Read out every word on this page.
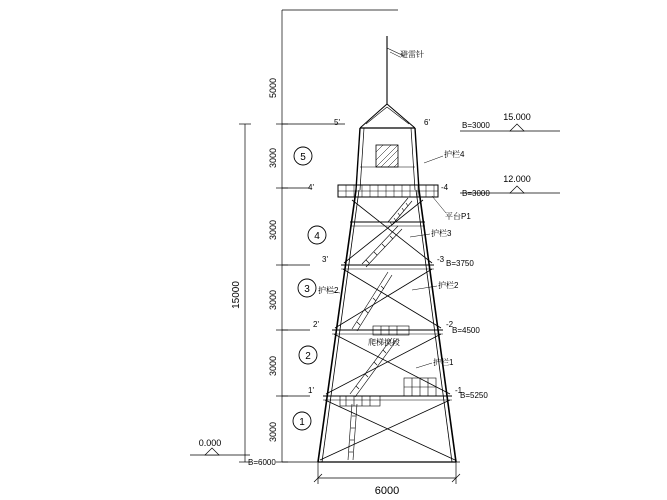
5000
3000
3000
3000
3000
3000
15000
5
4
3
2
1
15.000
12.000
0.000
B=3000
B=3000
B=3750
B=4500
B=5250
B=6000
5'	6'
4'	-4
3'	-3
2'	-2
1'	-1
避雷针
护栏4
平台P1
护栏3
护栏2
护栏2
护栏1
爬梯换段
6000
